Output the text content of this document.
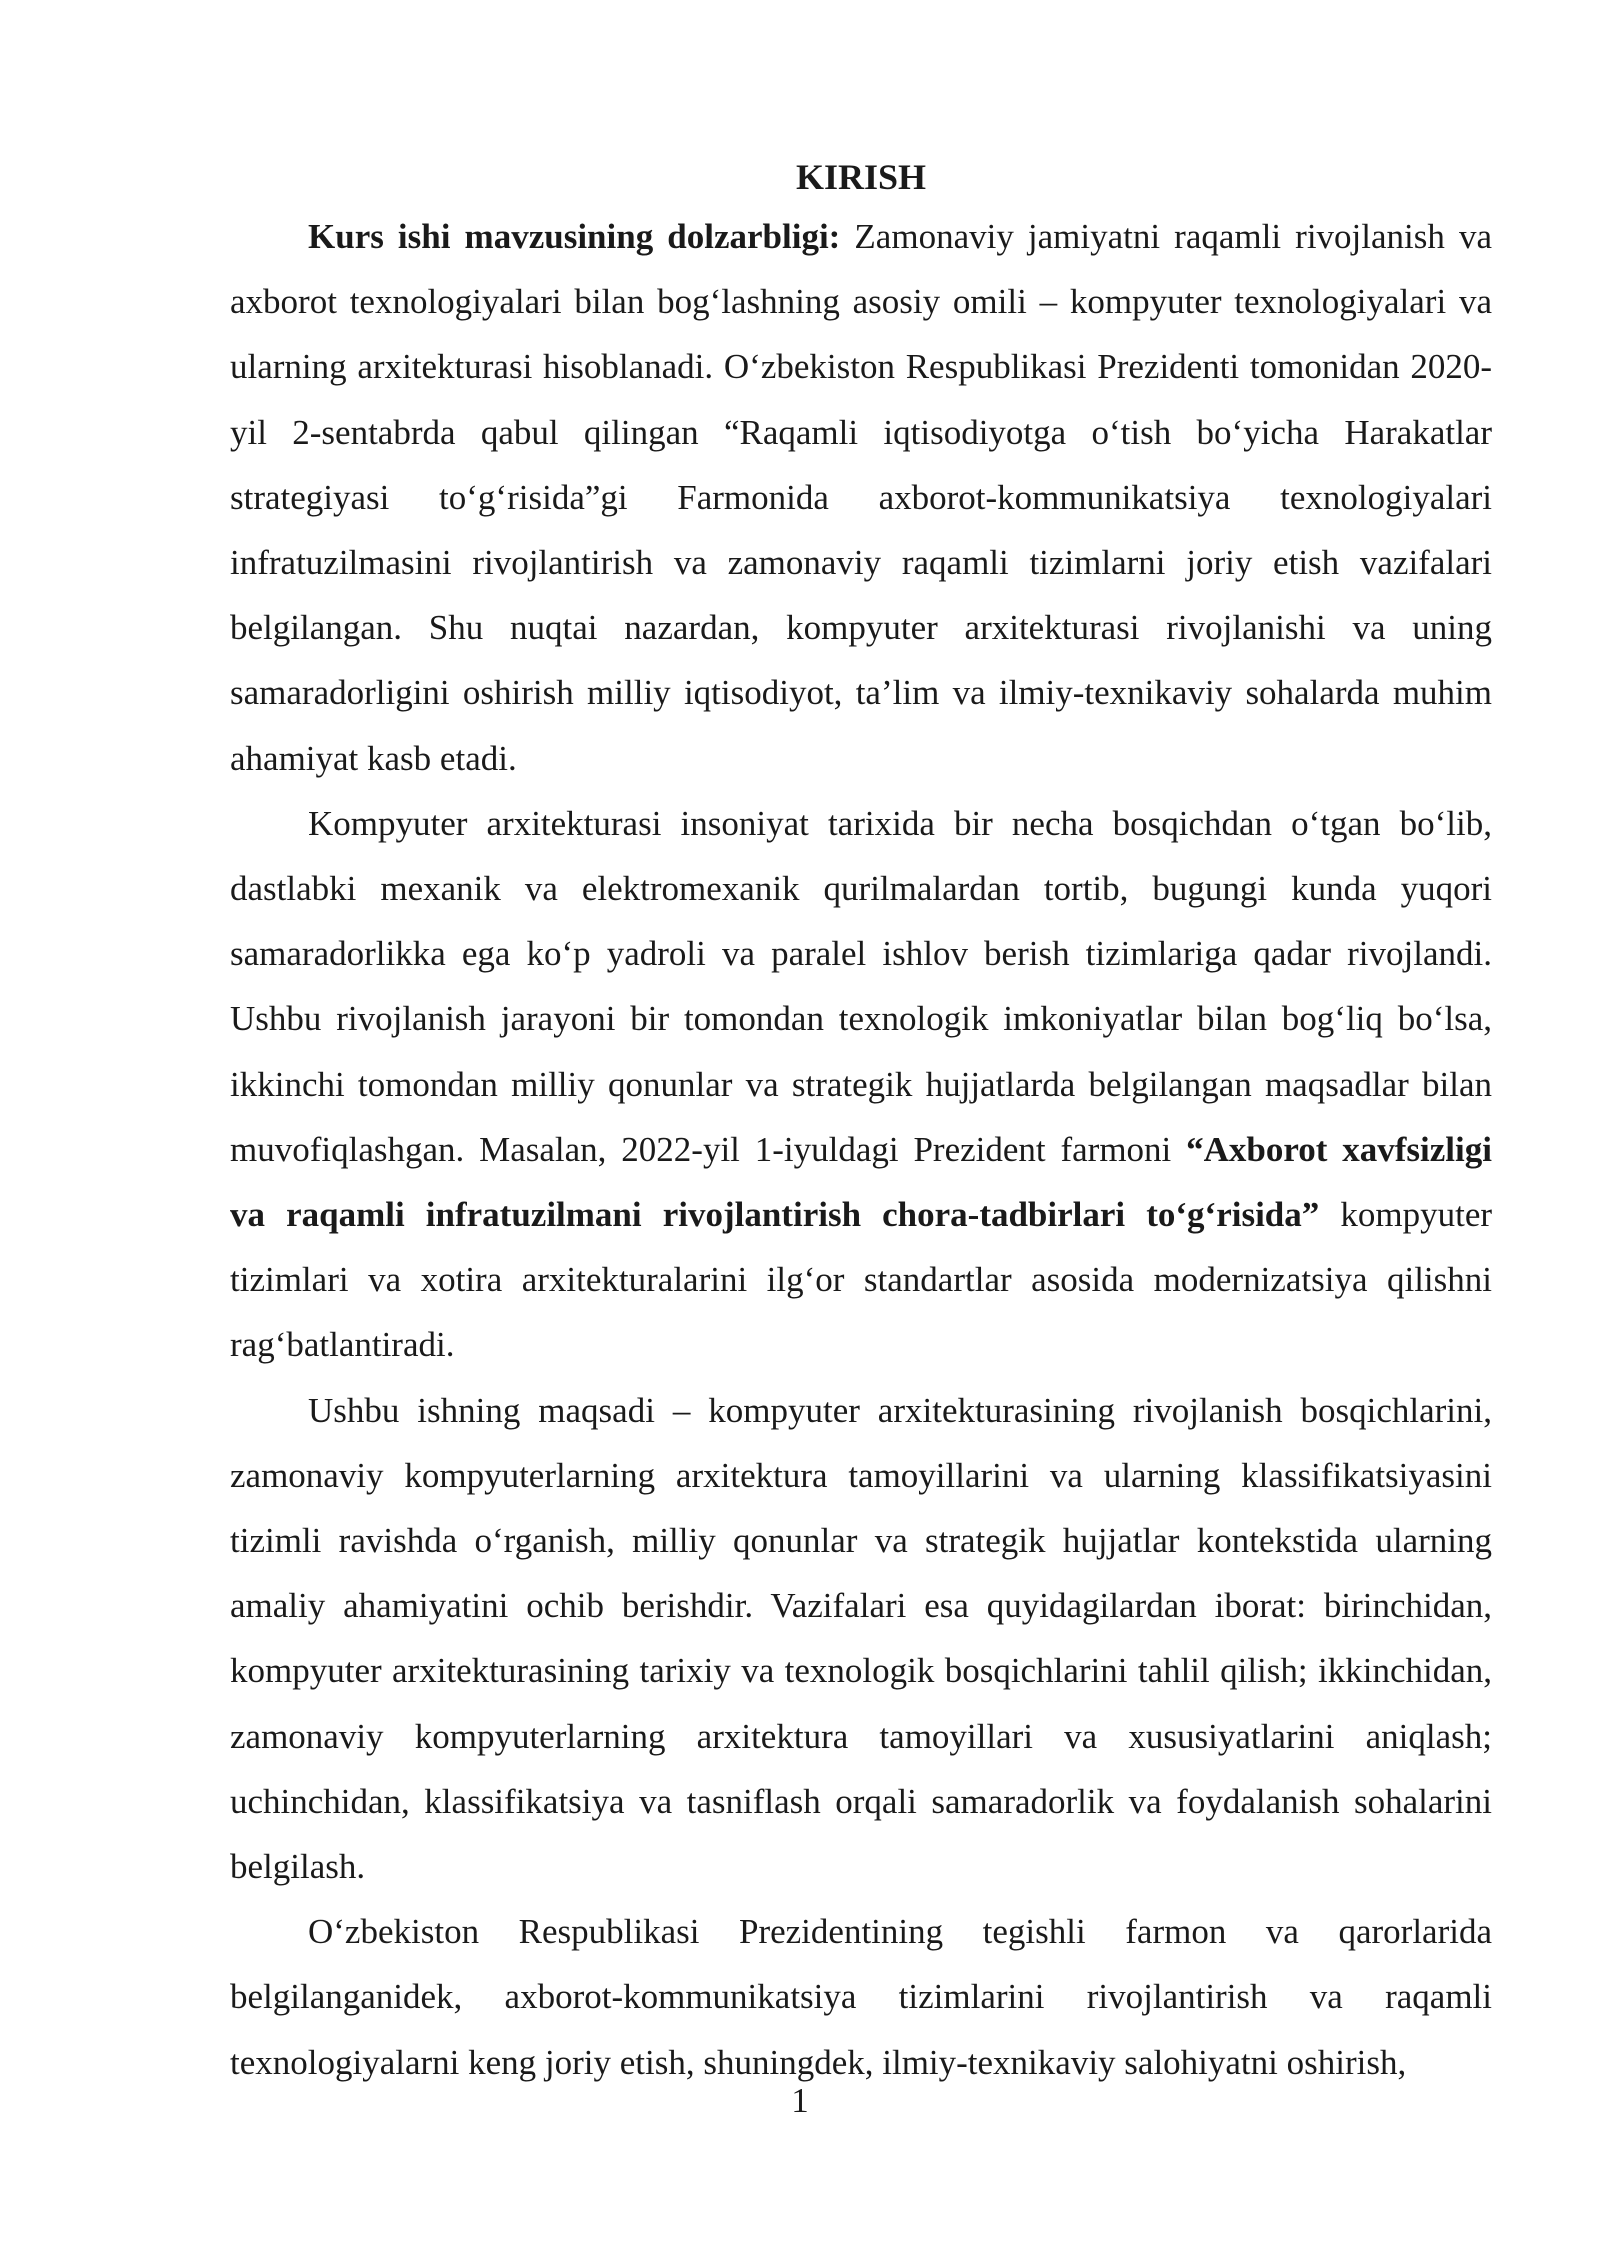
KIRISH

Kurs ishi mavzusining dolzarbligi: Zamonaviy jamiyatni raqamli rivojlanish va axborot texnologiyalari bilan bog‘lashning asosiy omili – kompyuter texnologiyalari va ularning arxitekturasi hisoblanadi. O‘zbekiston Respublikasi Prezidenti tomonidan 2020-yil 2-sentabrda qabul qilingan “Raqamli iqtisodiyotga o‘tish bo‘yicha Harakatlar strategiyasi to‘g‘risida”gi Farmonida axborot-kommunikatsiya texnologiyalari infratuzilmasini rivojlantirish va zamonaviy raqamli tizimlarni joriy etish vazifalari belgilangan. Shu nuqtai nazardan, kompyuter arxitekturasi rivojlanishi va uning samaradorligini oshirish milliy iqtisodiyot, ta’lim va ilmiy-texnikaviy sohalarda muhim ahamiyat kasb etadi.

Kompyuter arxitekturasi insoniyat tarixida bir necha bosqichdan o‘tgan bo‘lib, dastlabki mexanik va elektromexanik qurilmalardan tortib, bugungi kunda yuqori samaradorlikka ega ko‘p yadroli va paralel ishlov berish tizimlariga qadar rivojlandi. Ushbu rivojlanish jarayoni bir tomondan texnologik imkoniyatlar bilan bog‘liq bo‘lsa, ikkinchi tomondan milliy qonunlar va strategik hujjatlarda belgilangan maqsadlar bilan muvofiqlashgan. Masalan, 2022-yil 1-iyuldagi Prezident farmoni “Axborot xavfsizligi va raqamli infratuzilmani rivojlantirish chora-tadbirlari to‘g‘risida” kompyuter tizimlari va xotira arxitekturalarini ilg‘or standartlar asosida modernizatsiya qilishni rag‘batlantiradi.

Ushbu ishning maqsadi – kompyuter arxitekturasining rivojlanish bosqichlarini, zamonaviy kompyuterlarning arxitektura tamoyillarini va ularning klassifikatsiyasini tizimli ravishda o‘rganish, milliy qonunlar va strategik hujjatlar kontekstida ularning amaliy ahamiyatini ochib berishdir. Vazifalari esa quyidagilardan iborat: birinchidan, kompyuter arxitekturasining tarixiy va texnologik bosqichlarini tahlil qilish; ikkinchidan, zamonaviy kompyuterlarning arxitektura tamoyillari va xususiyatlarini aniqlash; uchinchidan, klassifikatsiya va tasniflash orqali samaradorlik va foydalanish sohalarini belgilash.

O‘zbekiston Respublikasi Prezidentining tegishli farmon va qarorlarida belgilanganidek, axborot-kommunikatsiya tizimlarini rivojlantirish va raqamli texnologiyalarni keng joriy etish, shuningdek, ilmiy-texnikaviy salohiyatni oshirish,

1
